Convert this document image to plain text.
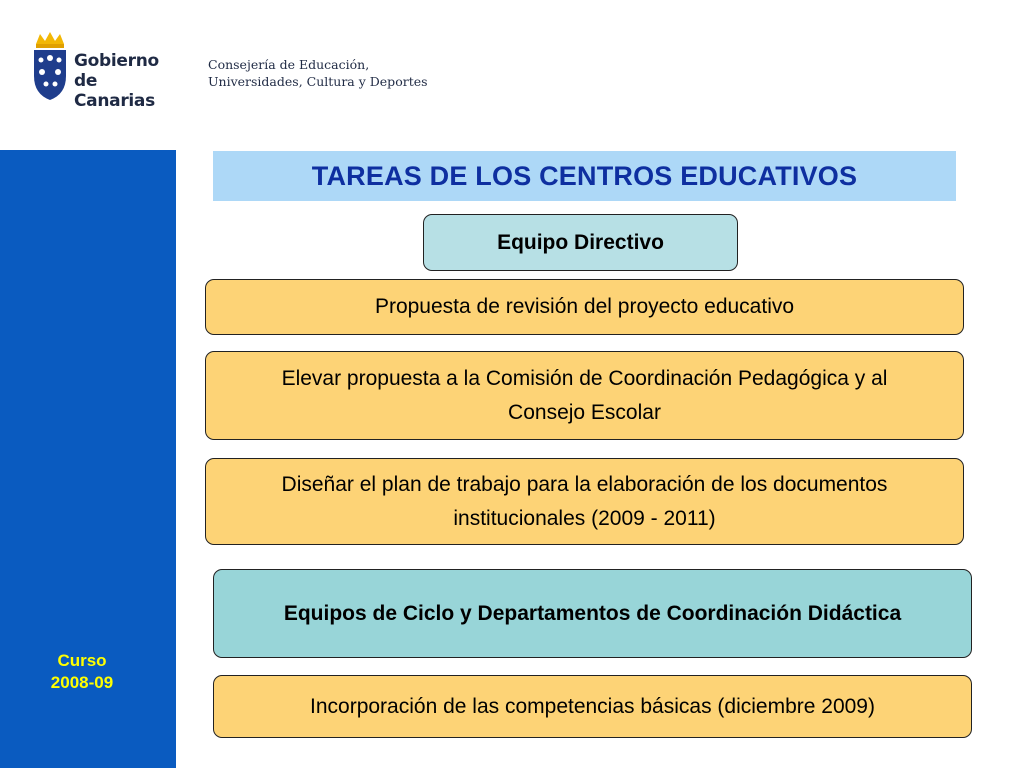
Gobierno
de Canarias
Consejería de Educación,
Universidades, Cultura y Deportes
Curso
2008-09
TAREAS DE LOS CENTROS EDUCATIVOS
Equipo Directivo
Propuesta de revisión del proyecto educativo
Elevar propuesta a la Comisión de Coordinación Pedagógica y al Consejo Escolar
Diseñar el plan de trabajo para la elaboración de los documentos institucionales (2009 - 2011)
Equipos de Ciclo y Departamentos de Coordinación Didáctica
Incorporación de las competencias básicas (diciembre 2009)
